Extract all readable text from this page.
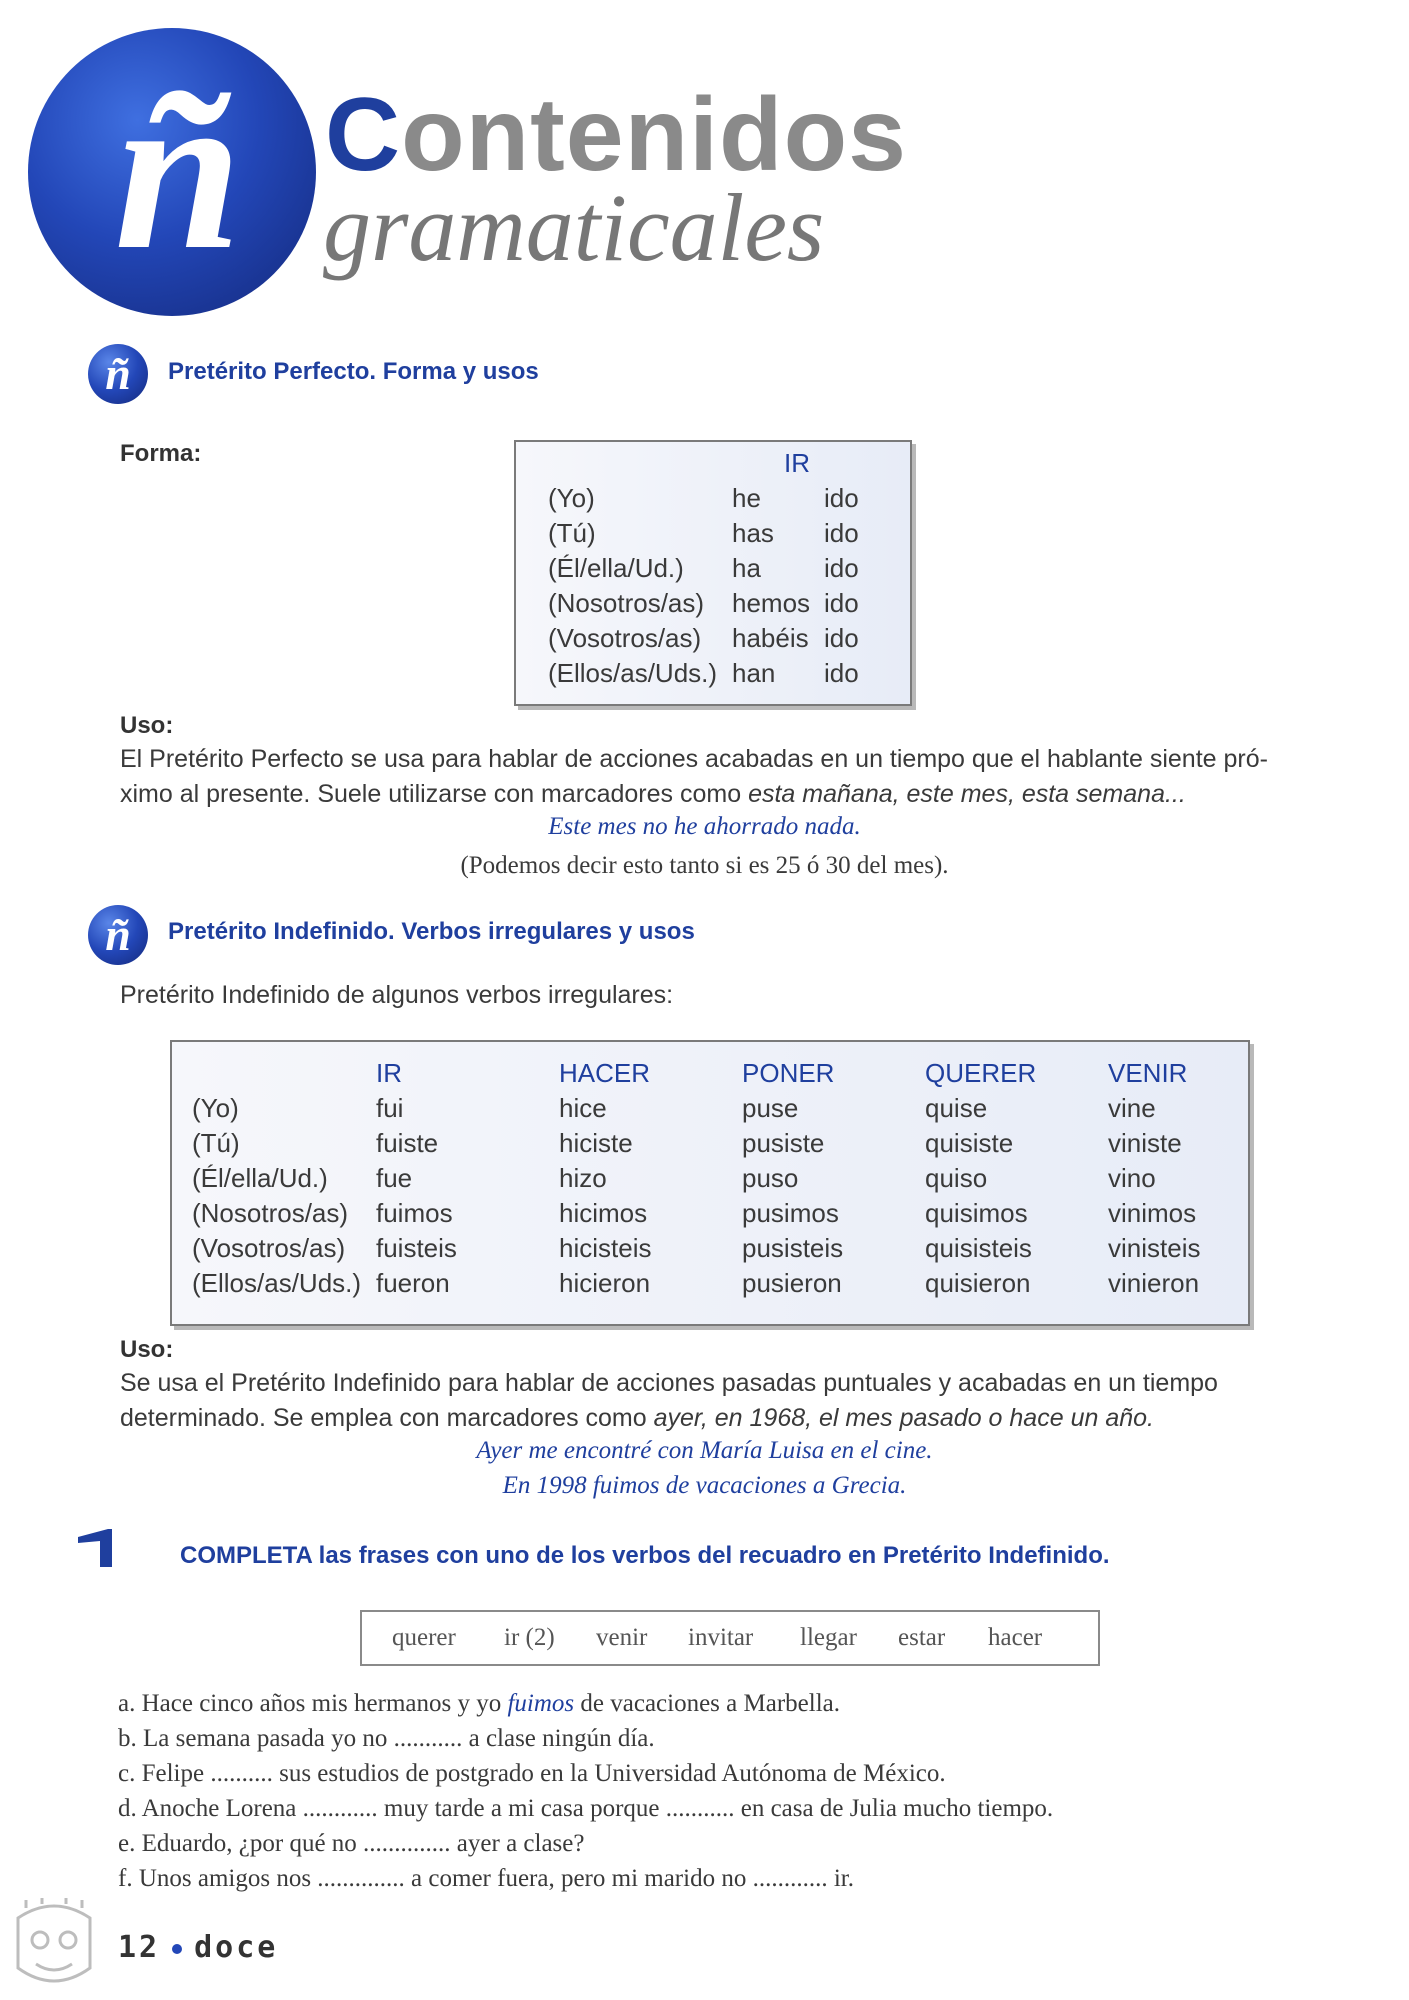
ñ Contenidos
gramaticales
ñ	Pretérito Perfecto. Forma y usos
Forma:
		IR	
(Yo)	he	ido
(Tú)	has	ido
(Él/ella/Ud.)	ha	ido
(Nosotros/as)	hemos	ido
(Vosotros/as)	habéis	ido
(Ellos/as/Uds.)	han	ido
Uso:
El Pretérito Perfecto se usa para hablar de acciones acabadas en un tiempo que el hablante siente pró-
ximo al presente. Suele utilizarse con marcadores como esta mañana, este mes, esta semana...
Este mes no he ahorrado nada.
(Podemos decir esto tanto si es 25 ó 30 del mes).
ñ	Pretérito Indefinido. Verbos irregulares y usos
Pretérito Indefinido de algunos verbos irregulares:
	IR	HACER	PONER	QUERER	VENIR
(Yo)	fui	hice	puse	quise	vine
(Tú)	fuiste	hiciste	pusiste	quisiste	viniste
(Él/ella/Ud.)	fue	hizo	puso	quiso	vino
(Nosotros/as)	fuimos	hicimos	pusimos	quisimos	vinimos
(Vosotros/as)	fuisteis	hicisteis	pusisteis	quisisteis	vinisteis
(Ellos/as/Uds.)	fueron	hicieron	pusieron	quisieron	vinieron
Uso:
Se usa el Pretérito Indefinido para hablar de acciones pasadas puntuales y acabadas en un tiempo
determinado. Se emplea con marcadores como ayer, en 1968, el mes pasado o hace un año.
Ayer me encontré con María Luisa en el cine.
En 1998 fuimos de vacaciones a Grecia.
COMPLETA las frases con uno de los verbos del recuadro en Pretérito Indefinido.
querer ir (2) venir invitar llegar estar hacer
a. Hace cinco años mis hermanos y yo fuimos de vacaciones a Marbella.
b. La semana pasada yo no ........... a clase ningún día.
c. Felipe .......... sus estudios de postgrado en la Universidad Autónoma de México.
d. Anoche Lorena ............ muy tarde a mi casa porque ........... en casa de Julia mucho tiempo.
e. Eduardo, ¿por qué no .............. ayer a clase?
f. Unos amigos nos .............. a comer fuera, pero mi marido no ............ ir.
12 doce
